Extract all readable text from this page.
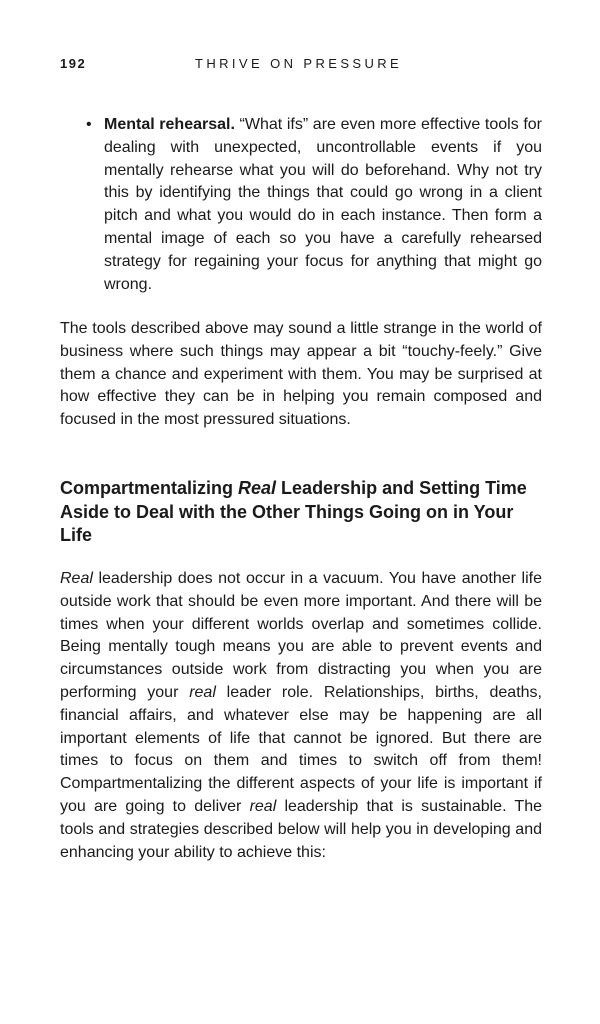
192	THRIVE ON PRESSURE
• Mental rehearsal. “What ifs” are even more effective tools for dealing with unexpected, uncontrollable events if you mentally rehearse what you will do beforehand. Why not try this by identifying the things that could go wrong in a client pitch and what you would do in each instance. Then form a mental image of each so you have a carefully rehearsed strategy for regaining your focus for anything that might go wrong.

The tools described above may sound a little strange in the world of business where such things may appear a bit “touchy-feely.” Give them a chance and experiment with them. You may be surprised at how effective they can be in helping you remain composed and focused in the most pressured situations.

Compartmentalizing Real Leadership and Setting Time Aside to Deal with the Other Things Going on in Your Life

Real leadership does not occur in a vacuum. You have another life outside work that should be even more important. And there will be times when your different worlds overlap and sometimes collide. Being mentally tough means you are able to prevent events and circumstances outside work from distracting you when you are performing your real leader role. Relationships, births, deaths, financial affairs, and whatever else may be happening are all important elements of life that cannot be ignored. But there are times to focus on them and times to switch off from them! Compartmentalizing the different aspects of your life is important if you are going to deliver real leadership that is sustainable. The tools and strategies described below will help you in developing and enhancing your ability to achieve this:
